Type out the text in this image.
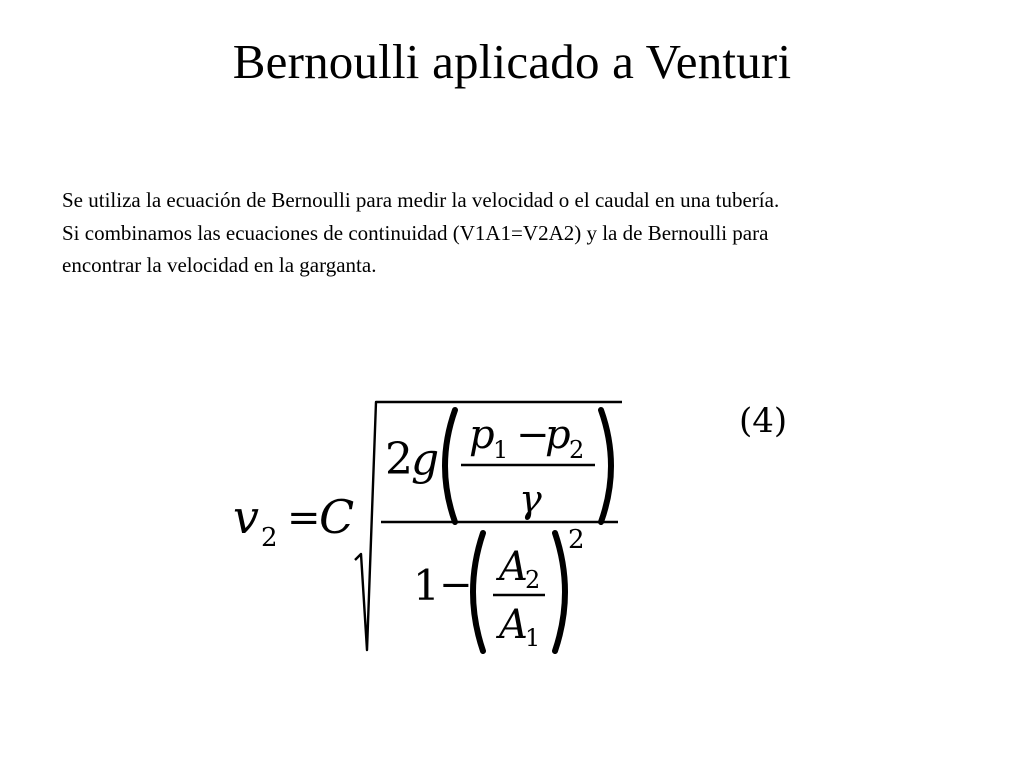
Bernoulli aplicado a Venturi
Se utiliza la ecuación de Bernoulli para medir la velocidad o el caudal en una tubería.
Si combinamos las ecuaciones de continuidad (V1A1=V2A2) y la de Bernoulli para
encontrar la velocidad en la garganta.
v 2 =
C
2
g p
1 −
p
2
γ
1 − A
2
A
1
2
(4)
